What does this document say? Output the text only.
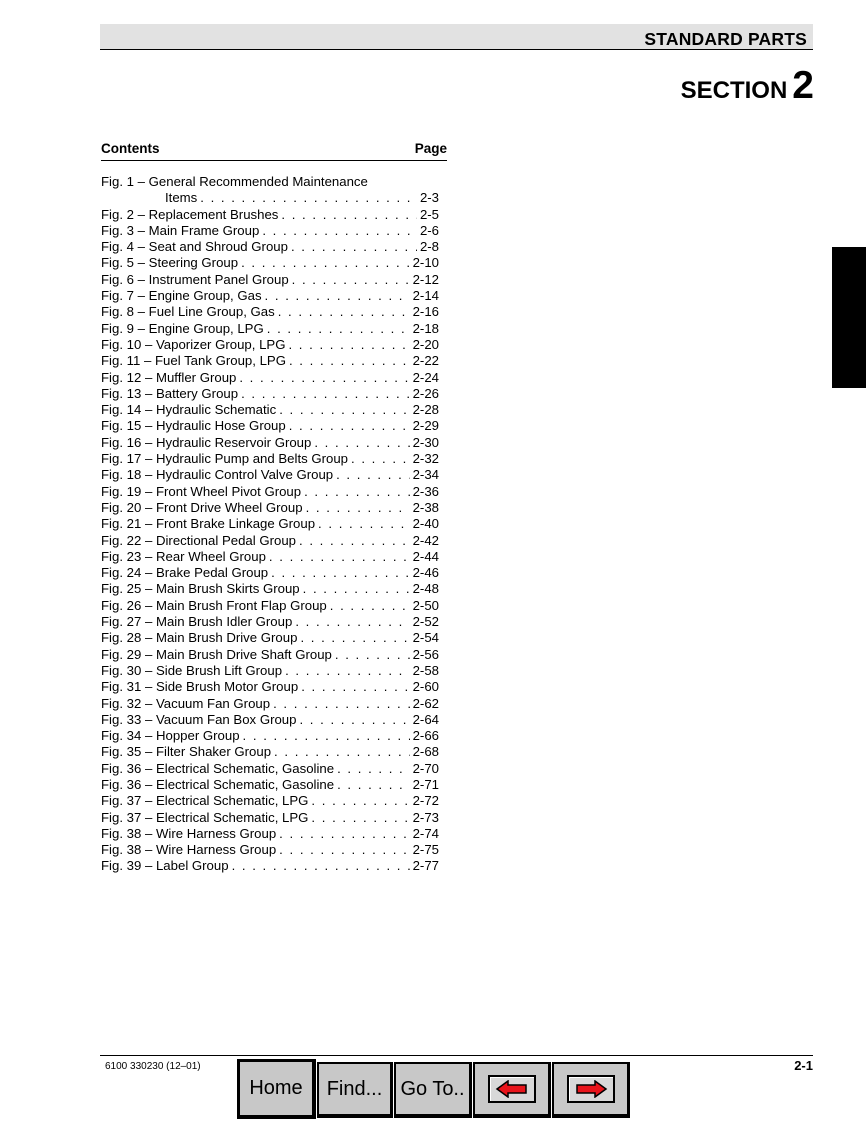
STANDARD PARTS
SECTION 2
Contents	Page
Fig. 1 – General Recommended Maintenance
Items . . .	2-3
Fig. 2 – Replacement Brushes . . .	2-5
Fig. 3 – Main Frame Group . . .	2-6
Fig. 4 – Seat and Shroud Group . . .	2-8
Fig. 5 – Steering Group . . .	2-10
Fig. 6 – Instrument Panel Group . . .	2-12
Fig. 7 – Engine Group, Gas . . .	2-14
Fig. 8 – Fuel Line Group, Gas . . .	2-16
Fig. 9 – Engine Group, LPG . . .	2-18
Fig. 10 – Vaporizer Group, LPG . . .	2-20
Fig. 11 – Fuel Tank Group, LPG . . .	2-22
Fig. 12 – Muffler Group . . .	2-24
Fig. 13 – Battery Group . . .	2-26
Fig. 14 – Hydraulic Schematic . . .	2-28
Fig. 15 – Hydraulic Hose Group . . .	2-29
Fig. 16 – Hydraulic Reservoir Group . . .	2-30
Fig. 17 – Hydraulic Pump and Belts Group . . .	2-32
Fig. 18 – Hydraulic Control Valve Group . . .	2-34
Fig. 19 – Front Wheel Pivot Group . . .	2-36
Fig. 20 – Front Drive Wheel Group . . .	2-38
Fig. 21 – Front Brake Linkage Group . . .	2-40
Fig. 22 – Directional Pedal Group . . .	2-42
Fig. 23 – Rear Wheel Group . . .	2-44
Fig. 24 – Brake Pedal Group . . .	2-46
Fig. 25 – Main Brush Skirts Group . . .	2-48
Fig. 26 – Main Brush Front Flap Group . . .	2-50
Fig. 27 – Main Brush Idler Group . . .	2-52
Fig. 28 – Main Brush Drive Group . . .	2-54
Fig. 29 – Main Brush Drive Shaft Group . . .	2-56
Fig. 30 – Side Brush Lift Group . . .	2-58
Fig. 31 – Side Brush Motor Group . . .	2-60
Fig. 32 – Vacuum Fan Group . . .	2-62
Fig. 33 – Vacuum Fan Box Group . . .	2-64
Fig. 34 – Hopper Group . . .	2-66
Fig. 35 – Filter Shaker Group . . .	2-68
Fig. 36 – Electrical Schematic, Gasoline . . .	2-70
Fig. 36 – Electrical Schematic, Gasoline . . .	2-71
Fig. 37 – Electrical Schematic, LPG . . .	2-72
Fig. 37 – Electrical Schematic, LPG . . .	2-73
Fig. 38 – Wire Harness Group . . .	2-74
Fig. 38 – Wire Harness Group . . .	2-75
Fig. 39 – Label Group . . .	2-77
6100 330230 (12–01)	2-1
Home Find... Go To..
